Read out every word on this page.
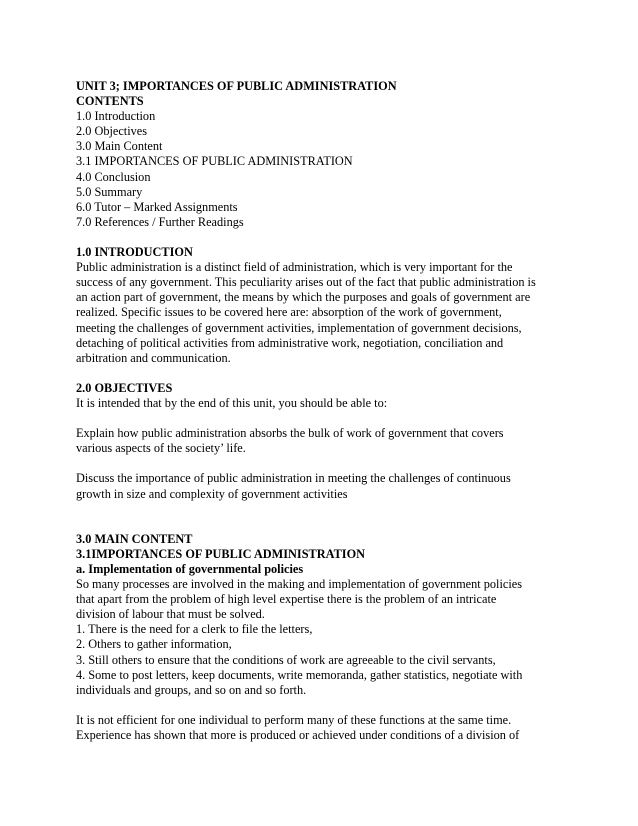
UNIT 3; IMPORTANCES OF PUBLIC ADMINISTRATION
CONTENTS
1.0 Introduction
2.0 Objectives
3.0 Main Content
3.1 IMPORTANCES OF PUBLIC ADMINISTRATION
4.0 Conclusion
5.0 Summary
6.0 Tutor – Marked Assignments
7.0 References / Further Readings
1.0 INTRODUCTION
Public administration is a distinct field of administration, which is very important for the
success of any government. This peculiarity arises out of the fact that public administration is
an action part of government, the means by which the purposes and goals of government are
realized. Specific issues to be covered here are: absorption of the work of government,
meeting the challenges of government activities, implementation of government decisions,
detaching of political activities from administrative work, negotiation, conciliation and
arbitration and communication.
2.0 OBJECTIVES
It is intended that by the end of this unit, you should be able to:
Explain how public administration absorbs the bulk of work of government that covers
various aspects of the society’ life.
Discuss the importance of public administration in meeting the challenges of continuous
growth in size and complexity of government activities
3.0 MAIN CONTENT
3.1IMPORTANCES OF PUBLIC ADMINISTRATION
a. Implementation of governmental policies
So many processes are involved in the making and implementation of government policies
that apart from the problem of high level expertise there is the problem of an intricate
division of labour that must be solved.
1. There is the need for a clerk to file the letters,
2. Others to gather information,
3. Still others to ensure that the conditions of work are agreeable to the civil servants,
4. Some to post letters, keep documents, write memoranda, gather statistics, negotiate with
individuals and groups, and so on and so forth.
It is not efficient for one individual to perform many of these functions at the same time.
Experience has shown that more is produced or achieved under conditions of a division of
